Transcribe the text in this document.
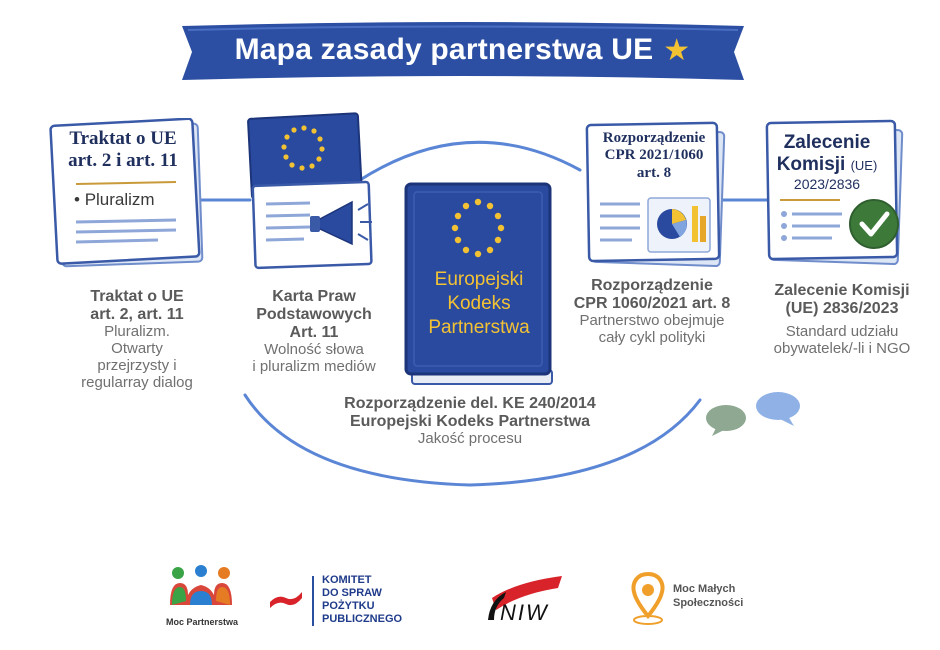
Mapa zasady partnerstwa UE ★
Traktat o UE
art. 2 i art. 11
• Pluralizm
Traktat o UE
art. 2, art. 11
Pluralizm.
Otwarty
przejrzysty i
regularray dialog
Karta Praw
Podstawowych
Art. 11
Wolność słowa
i pluralizm mediów
Europejski
Kodeks
Partnerstwa
Rozporządzenie del. KE 240/2014
Europejski Kodeks Partnerstwa
Jakość procesu
Rozporządzenie
CPR 2021/1060
art. 8
Rozporządzenie
CPR 1060/2021 art. 8
Partnerstwo obejmuje
cały cykl polityki
Zalecenie
Komisji (UE)
2023/2836
Zalecenie Komisji
(UE) 2836/2023
Standard udziału
obywatelek/-li i NGO
Moc Partnerstwa
KOMITET
DO SPRAW
POŻYTKU
PUBLICZNEGO	NIW
Moc Małych
Społeczności
